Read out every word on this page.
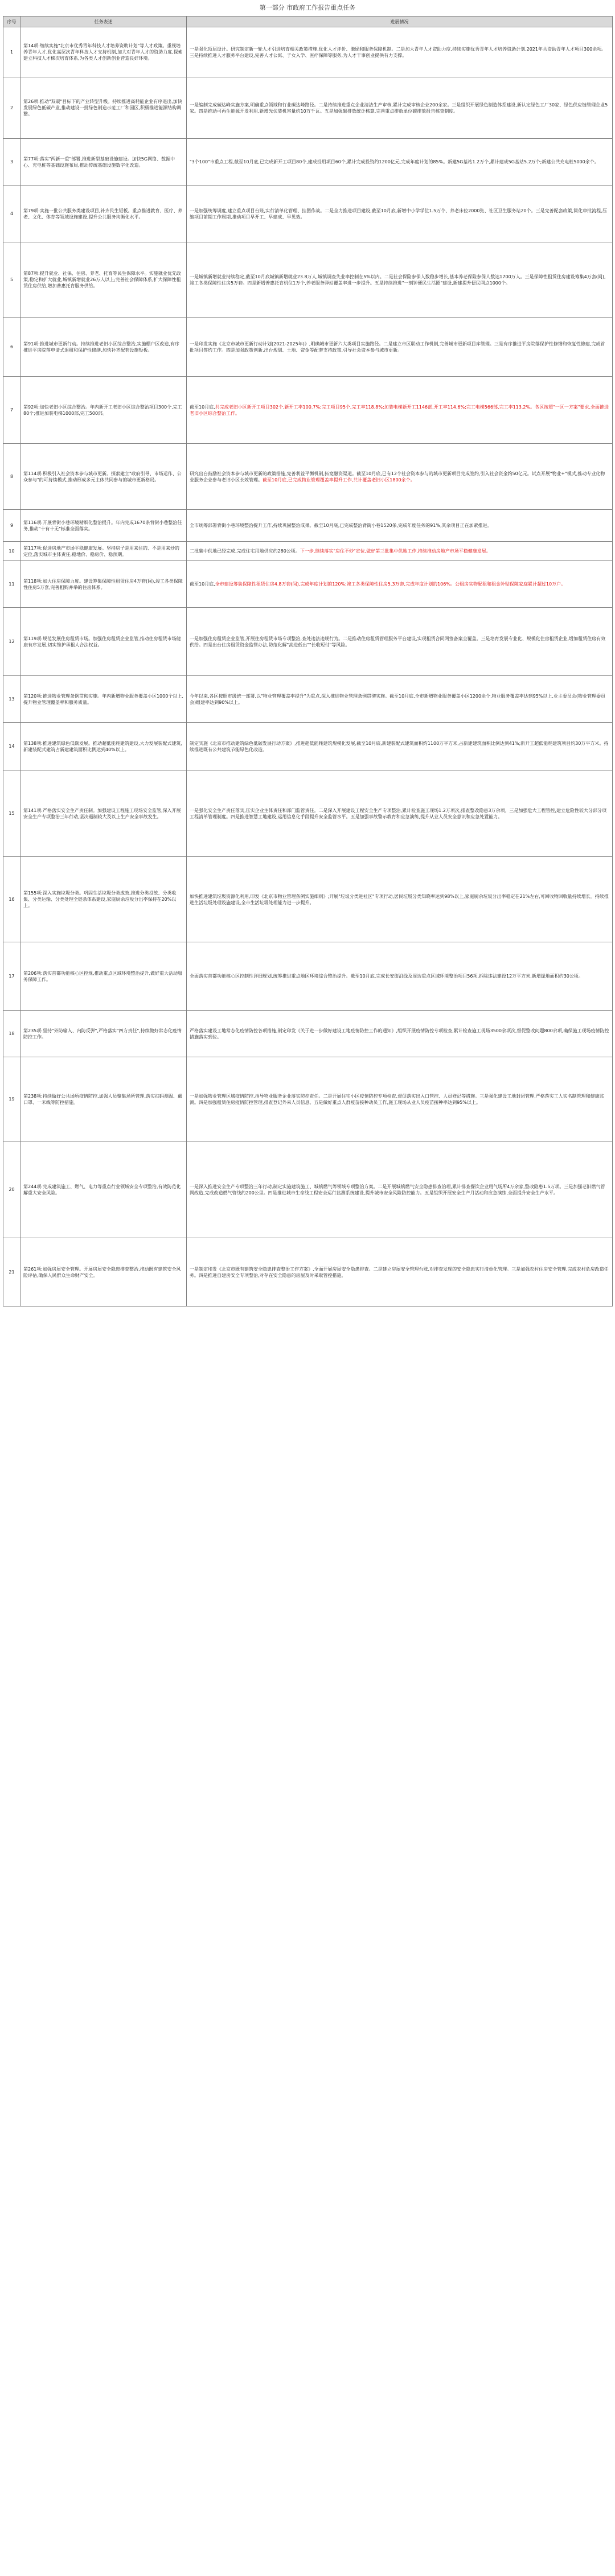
第一部分 市政府工作报告重点任务
序号	任务表述	进展情况
1	第14项:继续实施"北京市优秀青年科技人才培养资助计划"等人才政策。重视培养青年人才,优化高层次青年科技人才支持机制,加大对青年人才的资助力度,探索建立科技人才梯次培育体系,为各类人才创新创业营造良好环境。	一是强化顶层设计。研究制定新一轮人才引进培育相关政策措施,优化人才评价、激励和服务保障机制。二是加大青年人才资助力度,持续实施优秀青年人才培养资助计划,2021年共资助青年人才项目300余项。三是持续推进人才服务平台建设,完善人才公寓、子女入学、医疗保障等服务,为人才干事创业提供有力支撑。
2	第26项:推动"双碳"目标下的产业转型升级。持续推进高耗能企业有序退出,加快发展绿色低碳产业,推动建设一批绿色制造示范工厂和园区,积极推进能源结构调整。	一是编制完成碳达峰实施方案,明确重点领域和行业碳达峰路径。二是持续推进重点企业清洁生产审核,累计完成审核企业200余家。三是组织开展绿色制造体系建设,新认定绿色工厂30家、绿色供应链管理企业5家。四是推动可再生能源开发利用,新增光伏装机容量约10万千瓦。五是加强碳排放统计核算,完善重点排放单位碳排放报告核查制度。
3	第77项:落实"两新一重"部署,推进新型基础设施建设。加快5G网络、数据中心、充电桩等基础设施布局,推动传统基础设施数字化改造。	"3个100"市重点工程,截至10月底,已完成新开工项目80个,建成投用项目60个,累计完成投资约1200亿元,完成年度计划的85%。新建5G基站1.2万个,累计建成5G基站5.2万个;新建公共充电桩5000余个。
4	第79项:实施一批公共服务类建设项目,补齐民生短板。重点推进教育、医疗、养老、文化、体育等领域设施建设,提升公共服务均衡化水平。	一是加强统筹调度,建立重点项目台账,实行清单化管理、挂图作战。二是全力推进项目建设,截至10月底,新增中小学学位1.5万个、养老床位2000张、社区卫生服务站20个。三是完善配套政策,简化审批流程,压缩项目前期工作周期,推动项目早开工、早建成、早见效。
5	第87项:提升就业、社保、住房、养老、托育等民生保障水平。实施就业优先政策,稳定和扩大就业,城镇新增就业26万人以上;完善社会保障体系,扩大保障性租赁住房供给,增加普惠托育服务供给。	一是城镇新增就业持续稳定,截至10月底城镇新增就业23.8万人,城镇调查失业率控制在5%以内。二是社会保险参保人数稳步增长,基本养老保险参保人数达1700万人。三是保障性租赁住房建设筹集4万套(间),竣工各类保障性住房5万套。四是新增普惠托育机位1万个,养老服务驿站覆盖率进一步提升。五是持续推进"一刻钟便民生活圈"建设,新建提升便民网点1000个。
6	第91项:推进城市更新行动。持续推进老旧小区综合整治,实施棚户区改造,有序推进平房院落申请式退租和保护性修缮,加快补齐配套设施短板。	一是印发实施《北京市城市更新行动计划(2021-2025年)》,明确城市更新六大类项目实施路径。二是建立市区联动工作机制,完善城市更新项目库管理。三是有序推进平房院落保护性修缮和恢复性修建,完成首批项目签约工作。四是加强政策创新,出台规划、土地、资金等配套支持政策,引导社会资本参与城市更新。
7	第92项:加快老旧小区综合整治。年内新开工老旧小区综合整治项目300个,完工80个;推进加装电梯1000部,完工500部。	截至10月底,共完成老旧小区新开工项目302个,新开工率100.7%;完工项目95个,完工率118.8%;加装电梯新开工1146部,开工率114.6%;完工电梯566部,完工率113.2%。各区按照"一区一方案"要求,全面推进老旧小区综合整治工作。
8	第114项:积极引入社会资本参与城市更新。探索建立"政府引导、市场运作、公众参与"的可持续模式,推动形成多元主体共同参与的城市更新格局。	研究出台鼓励社会资本参与城市更新的政策措施,完善利益平衡机制,拓宽融资渠道。截至10月底,已有12个社会资本参与的城市更新项目完成签约,引入社会资金约50亿元。试点开展"物业+"模式,推动专业化物业服务企业参与老旧小区长效管理。截至10月底,已完成物业管理覆盖率提升工作,共计覆盖老旧小区1800余个。
9	第116项:开展背街小巷环境精细化整治提升。年内完成1670条背街小巷整治任务,推动"十有十无"标准全面落实。	全市统筹部署背街小巷环境整治提升工作,持续巩固整治成果。截至10月底,已完成整治背街小巷1520条,完成年度任务的91%,其余项目正在加紧推进。
10	第117项:促进房地产市场平稳健康发展。坚持房子是用来住的、不是用来炒的定位,落实城市主体责任,稳地价、稳房价、稳预期。	二批集中供地已经完成,完成住宅用地供应约280公顷。下一步,继续落实"房住不炒"定位,做好第三批集中供地工作,持续推动房地产市场平稳健康发展。
11	第118项:加大住房保障力度。建设筹集保障性租赁住房4万套(间),竣工各类保障性住房5万套,完善租购并举的住房体系。	截至10月底,全市建设筹集保障性租赁住房4.8万套(间),完成年度计划的120%;竣工各类保障性住房5.3万套,完成年度计划的106%。公租房实物配租和租金补贴保障家庭累计超过10万户。
12	第119项:规范发展住房租赁市场。加强住房租赁企业监管,推动住房租赁市场健康有序发展,切实维护承租人合法权益。	一是加强住房租赁企业监管,开展住房租赁市场专项整治,查处违法违规行为。二是推动住房租赁管理服务平台建设,实现租赁合同网签备案全覆盖。三是培育发展专业化、规模化住房租赁企业,增加租赁住房有效供给。四是出台住房租赁资金监管办法,防范化解"高进低出""长收短付"等风险。
13	第120项:推进物业管理条例贯彻实施。年内新增物业服务覆盖小区1000个以上,提升物业管理覆盖率和服务质量。	今年以来,各区按照市级统一部署,以"物业管理覆盖率提升"为重点,深入推进物业管理条例贯彻实施。截至10月底,全市新增物业服务覆盖小区1200余个,物业服务覆盖率达到95%以上,业主委员会(物业管理委员会)组建率达到90%以上。
14	第138项:推进建筑绿色低碳发展。推动超低能耗建筑建设,大力发展装配式建筑,新建装配式建筑占新建建筑面积比例达到40%以上。	制定实施《北京市推动建筑绿色低碳发展行动方案》,推进超低能耗建筑规模化发展,截至10月底,新建装配式建筑面积约1100万平方米,占新建建筑面积比例达到41%;新开工超低能耗建筑项目约30万平方米。持续推进既有公共建筑节能绿色化改造。
15	第141项:严格落实安全生产责任制。加强建设工程施工现场安全监管,深入开展安全生产专项整治三年行动,坚决遏制较大及以上生产安全事故发生。	一是强化安全生产责任落实,压实企业主体责任和部门监管责任。二是深入开展建设工程安全生产专项整治,累计检查施工现场1.2万项次,排查整改隐患3万余项。三是加强危大工程管控,建立危险性较大分部分项工程清单管理制度。四是推进智慧工地建设,运用信息化手段提升安全监管水平。五是加强事故警示教育和应急演练,提升从业人员安全意识和应急处置能力。
16	第155项:深入实施垃圾分类。巩固生活垃圾分类成效,推进分类投放、分类收集、分类运输、分类处理全链条体系建设,家庭厨余垃圾分出率保持在20%以上。	加快推进建筑垃圾资源化利用,印发《北京市物业管理条例实施细则》;开展"垃圾分类进社区"专项行动,居民垃圾分类知晓率达到98%以上,家庭厨余垃圾分出率稳定在21%左右,可回收物回收量持续增长。持续推进生活垃圾处理设施建设,全市生活垃圾处理能力进一步提升。
17	第206项:落实首都功能核心区控规,推动重点区域环境整治提升,做好重大活动服务保障工作。	全面落实首都功能核心区控制性详细规划,统筹推进重点地区环境综合整治提升。截至10月底,完成长安街沿线及周边重点区域环境整治项目56项,拆除违法建设12万平方米,新增绿地面积约30公顷。
18	第235项:坚持"外防输入、内防反弹",严格落实"四方责任",持续做好常态化疫情防控工作。	严格落实建设工地常态化疫情防控各项措施,制定印发《关于进一步做好建设工地疫情防控工作的通知》,组织开展疫情防控专项检查,累计检查施工现场3500余项次,督促整改问题800余项,确保施工现场疫情防控措施落实到位。
19	第238项:持续做好公共场所疫情防控,加强人员聚集场所管理,落实扫码测温、戴口罩、一米线等防控措施。	一是加强物业管理区域疫情防控,指导物业服务企业落实防控责任。二是开展住宅小区疫情防控专项检查,督促落实出入口管控、人员登记等措施。三是强化建设工地封闭管理,严格落实工人实名制管理和健康监测。四是加强租赁住房疫情防控管理,排查登记外来人员信息。五是做好重点人群疫苗接种动员工作,施工现场从业人员疫苗接种率达到95%以上。
20	第244项:完成建筑施工、燃气、电力等重点行业领域安全专项整治,有效防范化解重大安全风险。	一是深入推进安全生产专项整治三年行动,制定实施建筑施工、城镇燃气等领域专项整治方案。二是开展城镇燃气安全隐患排查治理,累计排查餐饮企业用气场所4万余家,整改隐患1.5万项。三是加强老旧燃气管网改造,完成改造燃气管线约200公里。四是推进城市生命线工程安全运行监测系统建设,提升城市安全风险防控能力。五是组织开展安全生产月活动和应急演练,全面提升安全生产水平。
21	第261项:加强房屋安全管理。开展房屋安全隐患排查整治,推动既有建筑安全风险评估,确保人民群众生命财产安全。	一是制定印发《北京市既有建筑安全隐患排查整治工作方案》,全面开展房屋安全隐患排查。二是建立房屋安全管理台账,对排查发现的安全隐患实行清单化管理。三是加强农村住房安全管理,完成农村危房改造任务。四是推进自建房安全专项整治,对存在安全隐患的房屋及时采取管控措施。
